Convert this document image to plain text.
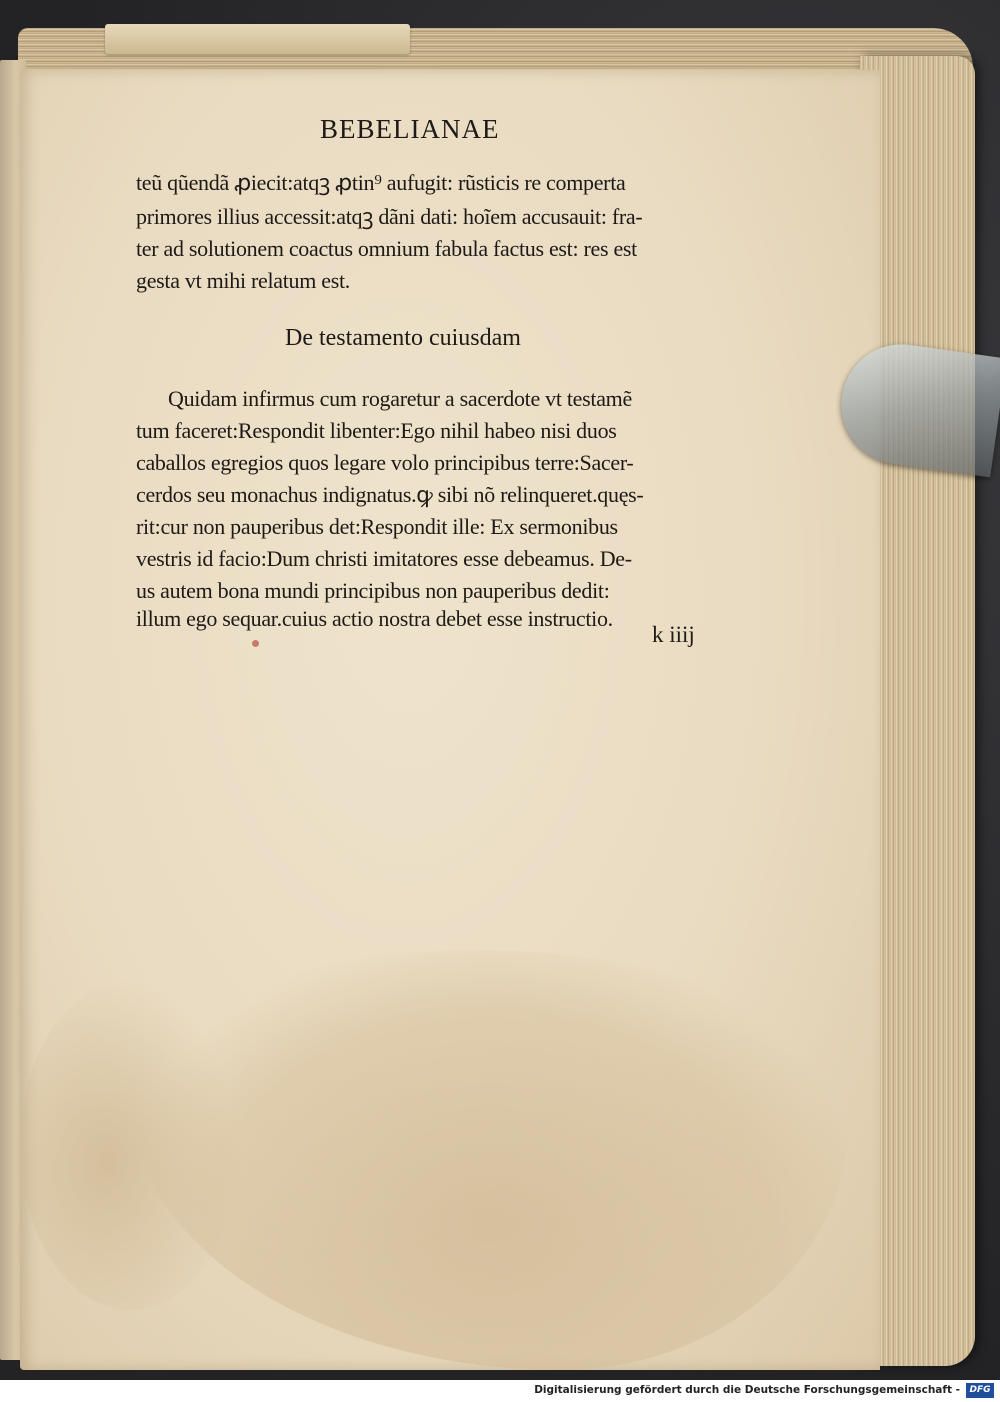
BEBELIANAE
teũ qũendã ꝓiecit:atqꝫ ꝓtin⁹ aufugit: rũsticis re comperta
primores illius accessit:atqꝫ dãni dati: hoĩem accusauit: fra-
ter ad solutionem coactus omnium fabula factus est: res est
gesta vt mihi relatum est.
De testamento cuiusdam
Quidam infirmus cum rogaretur a sacerdote vt testamẽ
tum faceret:Respondit libenter:Ego nihil habeo nisi duos
caballos egregios quos legare volo principibus terre:Sacer-
cerdos seu monachus indignatus.ꝙ sibi nõ relinqueret.quęs-
rit:cur non pauperibus det:Respondit ille: Ex sermonibus
vestris id facio:Dum christi imitatores esse debeamus. De-
us autem bona mundi principibus non pauperibus dedit:
illum ego sequar.cuius actio nostra debet esse instructio.
k iiij
Digitalisierung gefördert durch die Deutsche Forschungsgemeinschaft -	DFG
